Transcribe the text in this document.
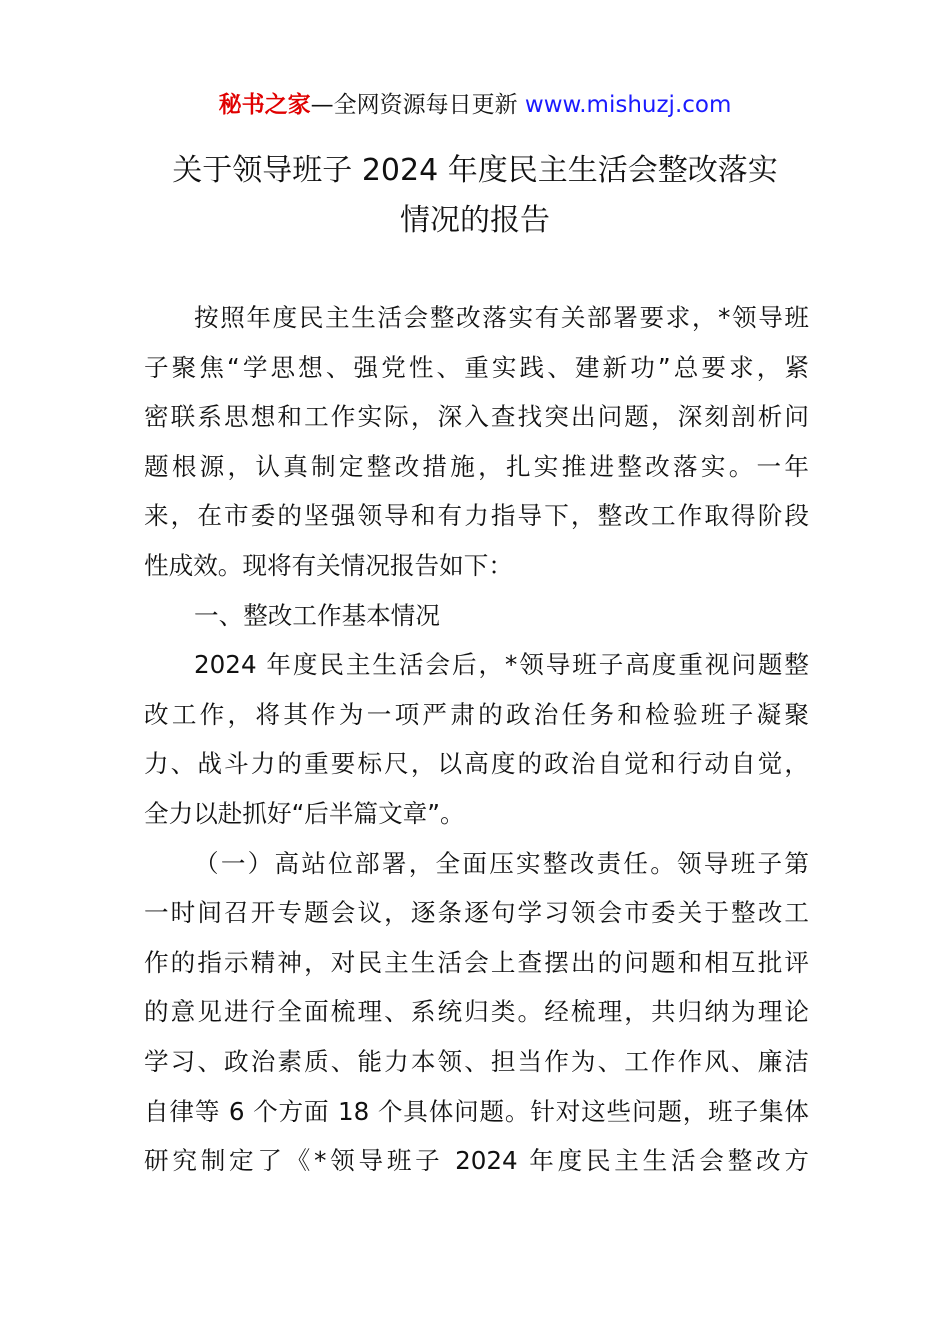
秘书之家—全网资源每日更新 www.mishuzj.com
关于领导班子 2024 年度民主生活会整改落实
情况的报告
按照年度民主生活会整改落实有关部署要求，*领导班
子聚焦“学思想、强党性、重实践、建新功”总要求，紧
密联系思想和工作实际，深入查找突出问题，深刻剖析问
题根源，认真制定整改措施，扎实推进整改落实。一年
来，在市委的坚强领导和有力指导下，整改工作取得阶段
性成效。现将有关情况报告如下：
一、整改工作基本情况
2024 年度民主生活会后，*领导班子高度重视问题整
改工作，将其作为一项严肃的政治任务和检验班子凝聚
力、战斗力的重要标尺，以高度的政治自觉和行动自觉，
全力以赴抓好“后半篇文章”。
（一）高站位部署，全面压实整改责任。领导班子第
一时间召开专题会议，逐条逐句学习领会市委关于整改工
作的指示精神，对民主生活会上查摆出的问题和相互批评
的意见进行全面梳理、系统归类。经梳理，共归纳为理论
学习、政治素质、能力本领、担当作为、工作作风、廉洁
自律等 6 个方面 18 个具体问题。针对这些问题，班子集体
研究制定了《*领导班子 2024 年度民主生活会整改方
